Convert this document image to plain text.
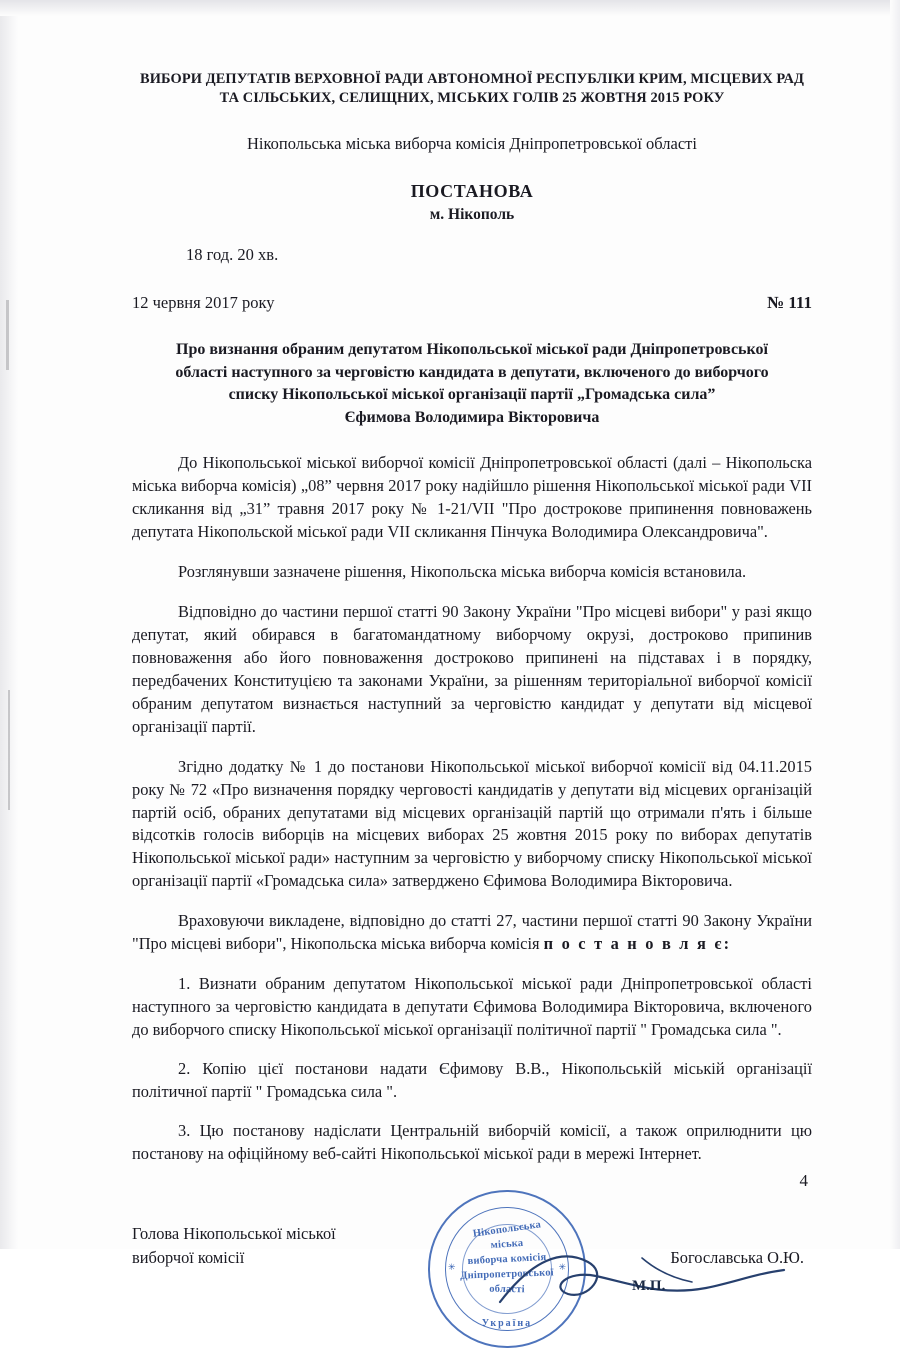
ВИБОРИ ДЕПУТАТІВ ВЕРХОВНОЇ РАДИ АВТОНОМНОЇ РЕСПУБЛІКИ КРИМ, МІСЦЕВИХ РАД
ТА СІЛЬСЬКИХ, СЕЛИЩНИХ, МІСЬКИХ ГОЛІВ 25 ЖОВТНЯ 2015 РОКУ
Нікопольська міська виборча комісія Дніпропетровської області
ПОСТАНОВА
м. Нікополь
18 год. 20 хв.
12 червня 2017 року	№ 111
Про визнання обраним депутатом Нікопольської міської ради Дніпропетровської
області наступного за черговістю кандидата в депутати, включеного до виборчого
списку Нікопольської міської організації партії „Громадська сила”
Єфимова Володимира Вікторовича

До Нікопольської міської виборчої комісії Дніпропетровської області (далі – Нікопольска міська виборча комісія) „08” червня 2017 року надійшло рішення Нікопольської міської ради VII скликання від „31” травня 2017 року № 1-21/VII "Про дострокове припинення повноважень депутата Нікопольской міської ради VII скликання Пінчука Володимира Олександровича".

Розглянувши зазначене рішення, Нікопольска міська виборча комісія встановила.

Відповідно до частини першої статті 90 Закону України "Про місцеві вибори" у разі якщо депутат, який обирався в багатомандатному виборчому окрузі, достроково припинив повноваження або його повноваження достроково припинені на підставах і в порядку, передбачених Конституцією та законами України, за рішенням територіальної виборчої комісії обраним депутатом визнається наступний за черговістю кандидат у депутати від місцевої організації партії.

Згідно додатку № 1 до постанови Нікопольської міської виборчої комісії від 04.11.2015 року № 72 «Про визначення порядку черговості кандидатів у депутати від місцевих організацій партій осіб, обраних депутатами від місцевих організацій партій що отримали п'ять і більше відсотків голосів виборців на місцевих виборах 25 жовтня 2015 року по виборах депутатів Нікопольської міської ради» наступним за черговістю у виборчому списку Нікопольської міської організації партії «Громадська сила» затверджено Єфимова Володимира Вікторовича.

Враховуючи викладене, відповідно до статті 27, частини першої статті 90 Закону України "Про місцеві вибори", Нікопольска міська виборча комісія п о с т а н о в л я є:

1. Визнати обраним депутатом Нікопольської міської ради Дніпропетровської області наступного за черговістю кандидата в депутати Єфимова Володимира Вікторовича, включеного до виборчого списку Нікопольської міської організації політичної партії " Громадська сила ".

2. Копію цієї постанови надати Єфимову В.В., Нікопольській міській організації політичної партії " Громадська сила ".

3. Цю постанову надіслати Центральній виборчій комісії, а також оприлюднити цю постанову на офіційному веб-сайті Нікопольської міської ради в мережі Інтернет.

Голова Нікопольської міської
виборчої комісії
✳	✳
Нікопольська
міська
виборча комісія
Дніпропетровської
області
Україна
М.П.
Богославська О.Ю.
4
